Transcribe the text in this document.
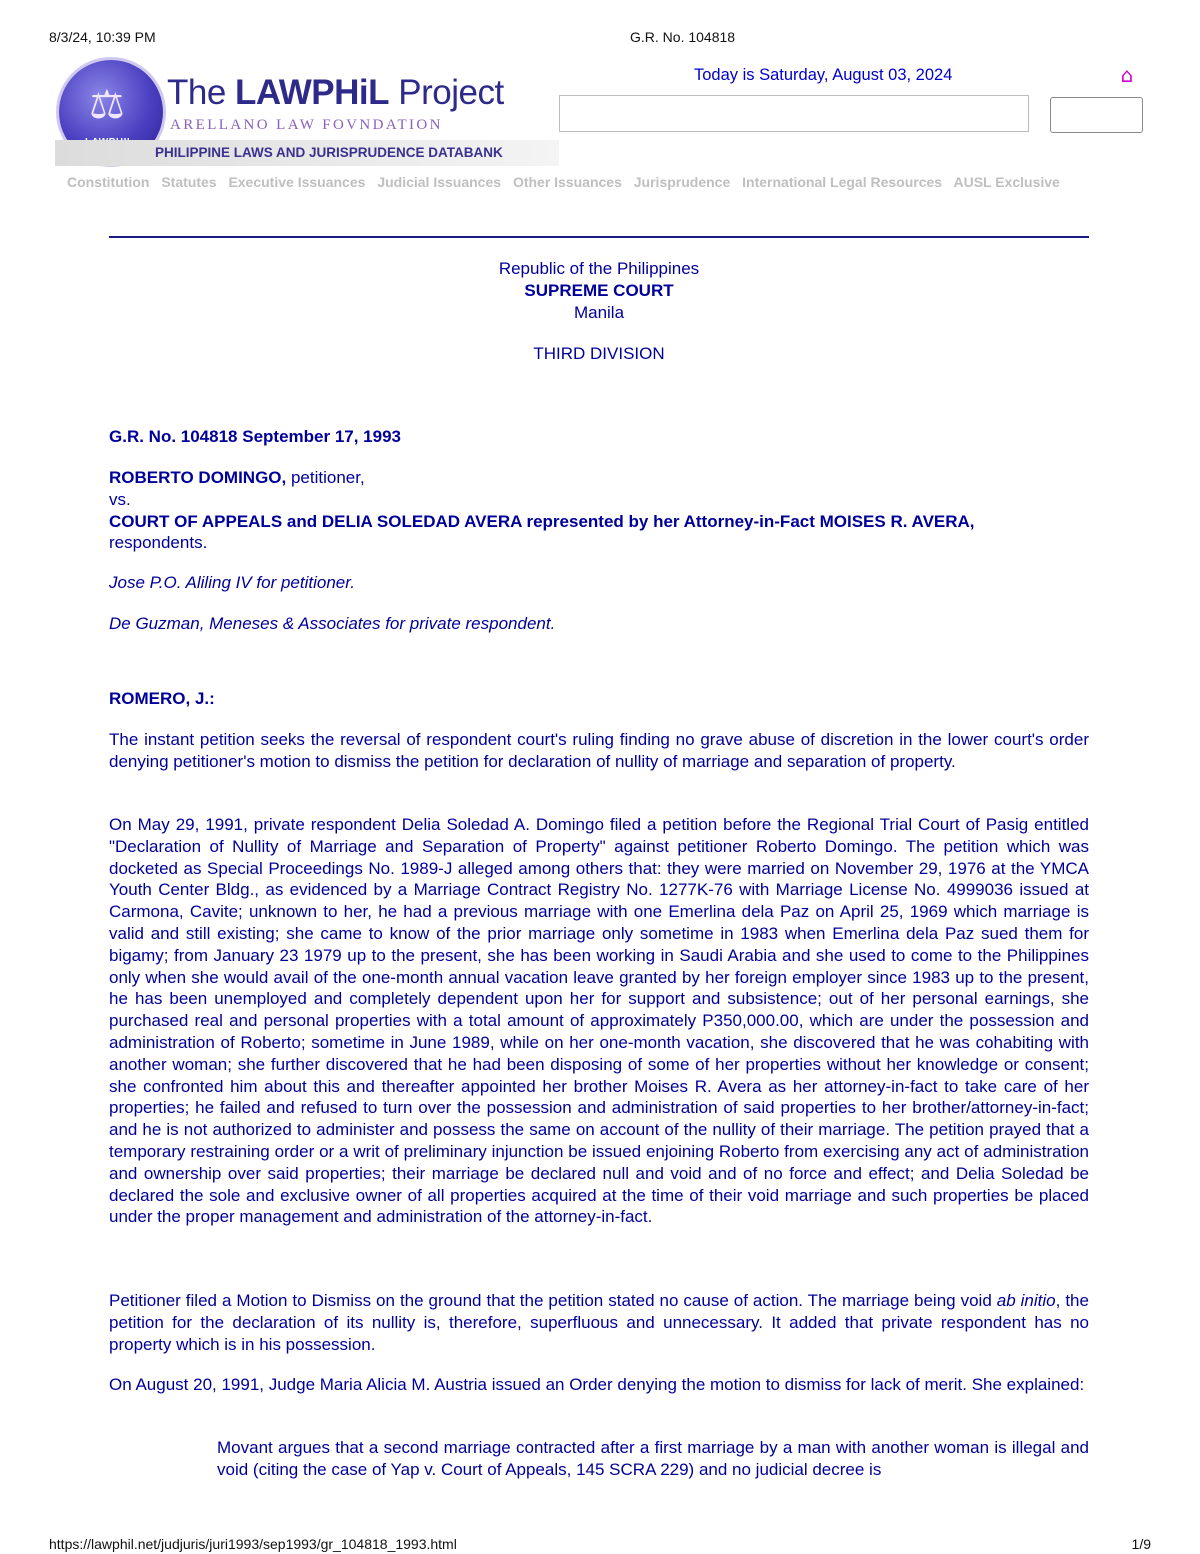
8/3/24, 10:39 PM	G.R. No. 104818
⚖ The LAWPHiL Project
ARELLANO LAW FOVNDATION
PHILIPPINE LAWS AND JURISPRUDENCE DATABANK
Today is Saturday, August 03, 2024	⌂
Constitution Statutes Executive Issuances Judicial Issuances Other Issuances Jurisprudence International Legal Resources AUSL Exclusive
Republic of the Philippines
SUPREME COURT
Manila
THIRD DIVISION
G.R. No. 104818 September 17, 1993
ROBERTO DOMINGO, petitioner,
vs.
COURT OF APPEALS and DELIA SOLEDAD AVERA represented by her Attorney-in-Fact MOISES R. AVERA,
respondents.
Jose P.O. Aliling IV for petitioner.
De Guzman, Meneses & Associates for private respondent.
ROMERO, J.:

The instant petition seeks the reversal of respondent court's ruling finding no grave abuse of discretion in the lower court's order denying petitioner's motion to dismiss the petition for declaration of nullity of marriage and separation of property.

On May 29, 1991, private respondent Delia Soledad A. Domingo filed a petition before the Regional Trial Court of Pasig entitled "Declaration of Nullity of Marriage and Separation of Property" against petitioner Roberto Domingo. The petition which was docketed as Special Proceedings No. 1989-J alleged among others that: they were married on November 29, 1976 at the YMCA Youth Center Bldg., as evidenced by a Marriage Contract Registry No. 1277K-76 with Marriage License No. 4999036 issued at Carmona, Cavite; unknown to her, he had a previous marriage with one Emerlina dela Paz on April 25, 1969 which marriage is valid and still existing; she came to know of the prior marriage only sometime in 1983 when Emerlina dela Paz sued them for bigamy; from January 23 1979 up to the present, she has been working in Saudi Arabia and she used to come to the Philippines only when she would avail of the one-month annual vacation leave granted by her foreign employer since 1983 up to the present, he has been unemployed and completely dependent upon her for support and subsistence; out of her personal earnings, she purchased real and personal properties with a total amount of approximately P350,000.00, which are under the possession and administration of Roberto; sometime in June 1989, while on her one-month vacation, she discovered that he was cohabiting with another woman; she further discovered that he had been disposing of some of her properties without her knowledge or consent; she confronted him about this and thereafter appointed her brother Moises R. Avera as her attorney-in-fact to take care of her properties; he failed and refused to turn over the possession and administration of said properties to her brother/attorney-in-fact; and he is not authorized to administer and possess the same on account of the nullity of their marriage. The petition prayed that a temporary restraining order or a writ of preliminary injunction be issued enjoining Roberto from exercising any act of administration and ownership over said properties; their marriage be declared null and void and of no force and effect; and Delia Soledad be declared the sole and exclusive owner of all properties acquired at the time of their void marriage and such properties be placed under the proper management and administration of the attorney-in-fact.

Petitioner filed a Motion to Dismiss on the ground that the petition stated no cause of action. The marriage being void ab initio, the petition for the declaration of its nullity is, therefore, superfluous and unnecessary. It added that private respondent has no property which is in his possession.

On August 20, 1991, Judge Maria Alicia M. Austria issued an Order denying the motion to dismiss for lack of merit. She explained:

Movant argues that a second marriage contracted after a first marriage by a man with another woman is illegal and void (citing the case of Yap v. Court of Appeals, 145 SCRA 229) and no judicial decree is
https://lawphil.net/judjuris/juri1993/sep1993/gr_104818_1993.html	1/9
